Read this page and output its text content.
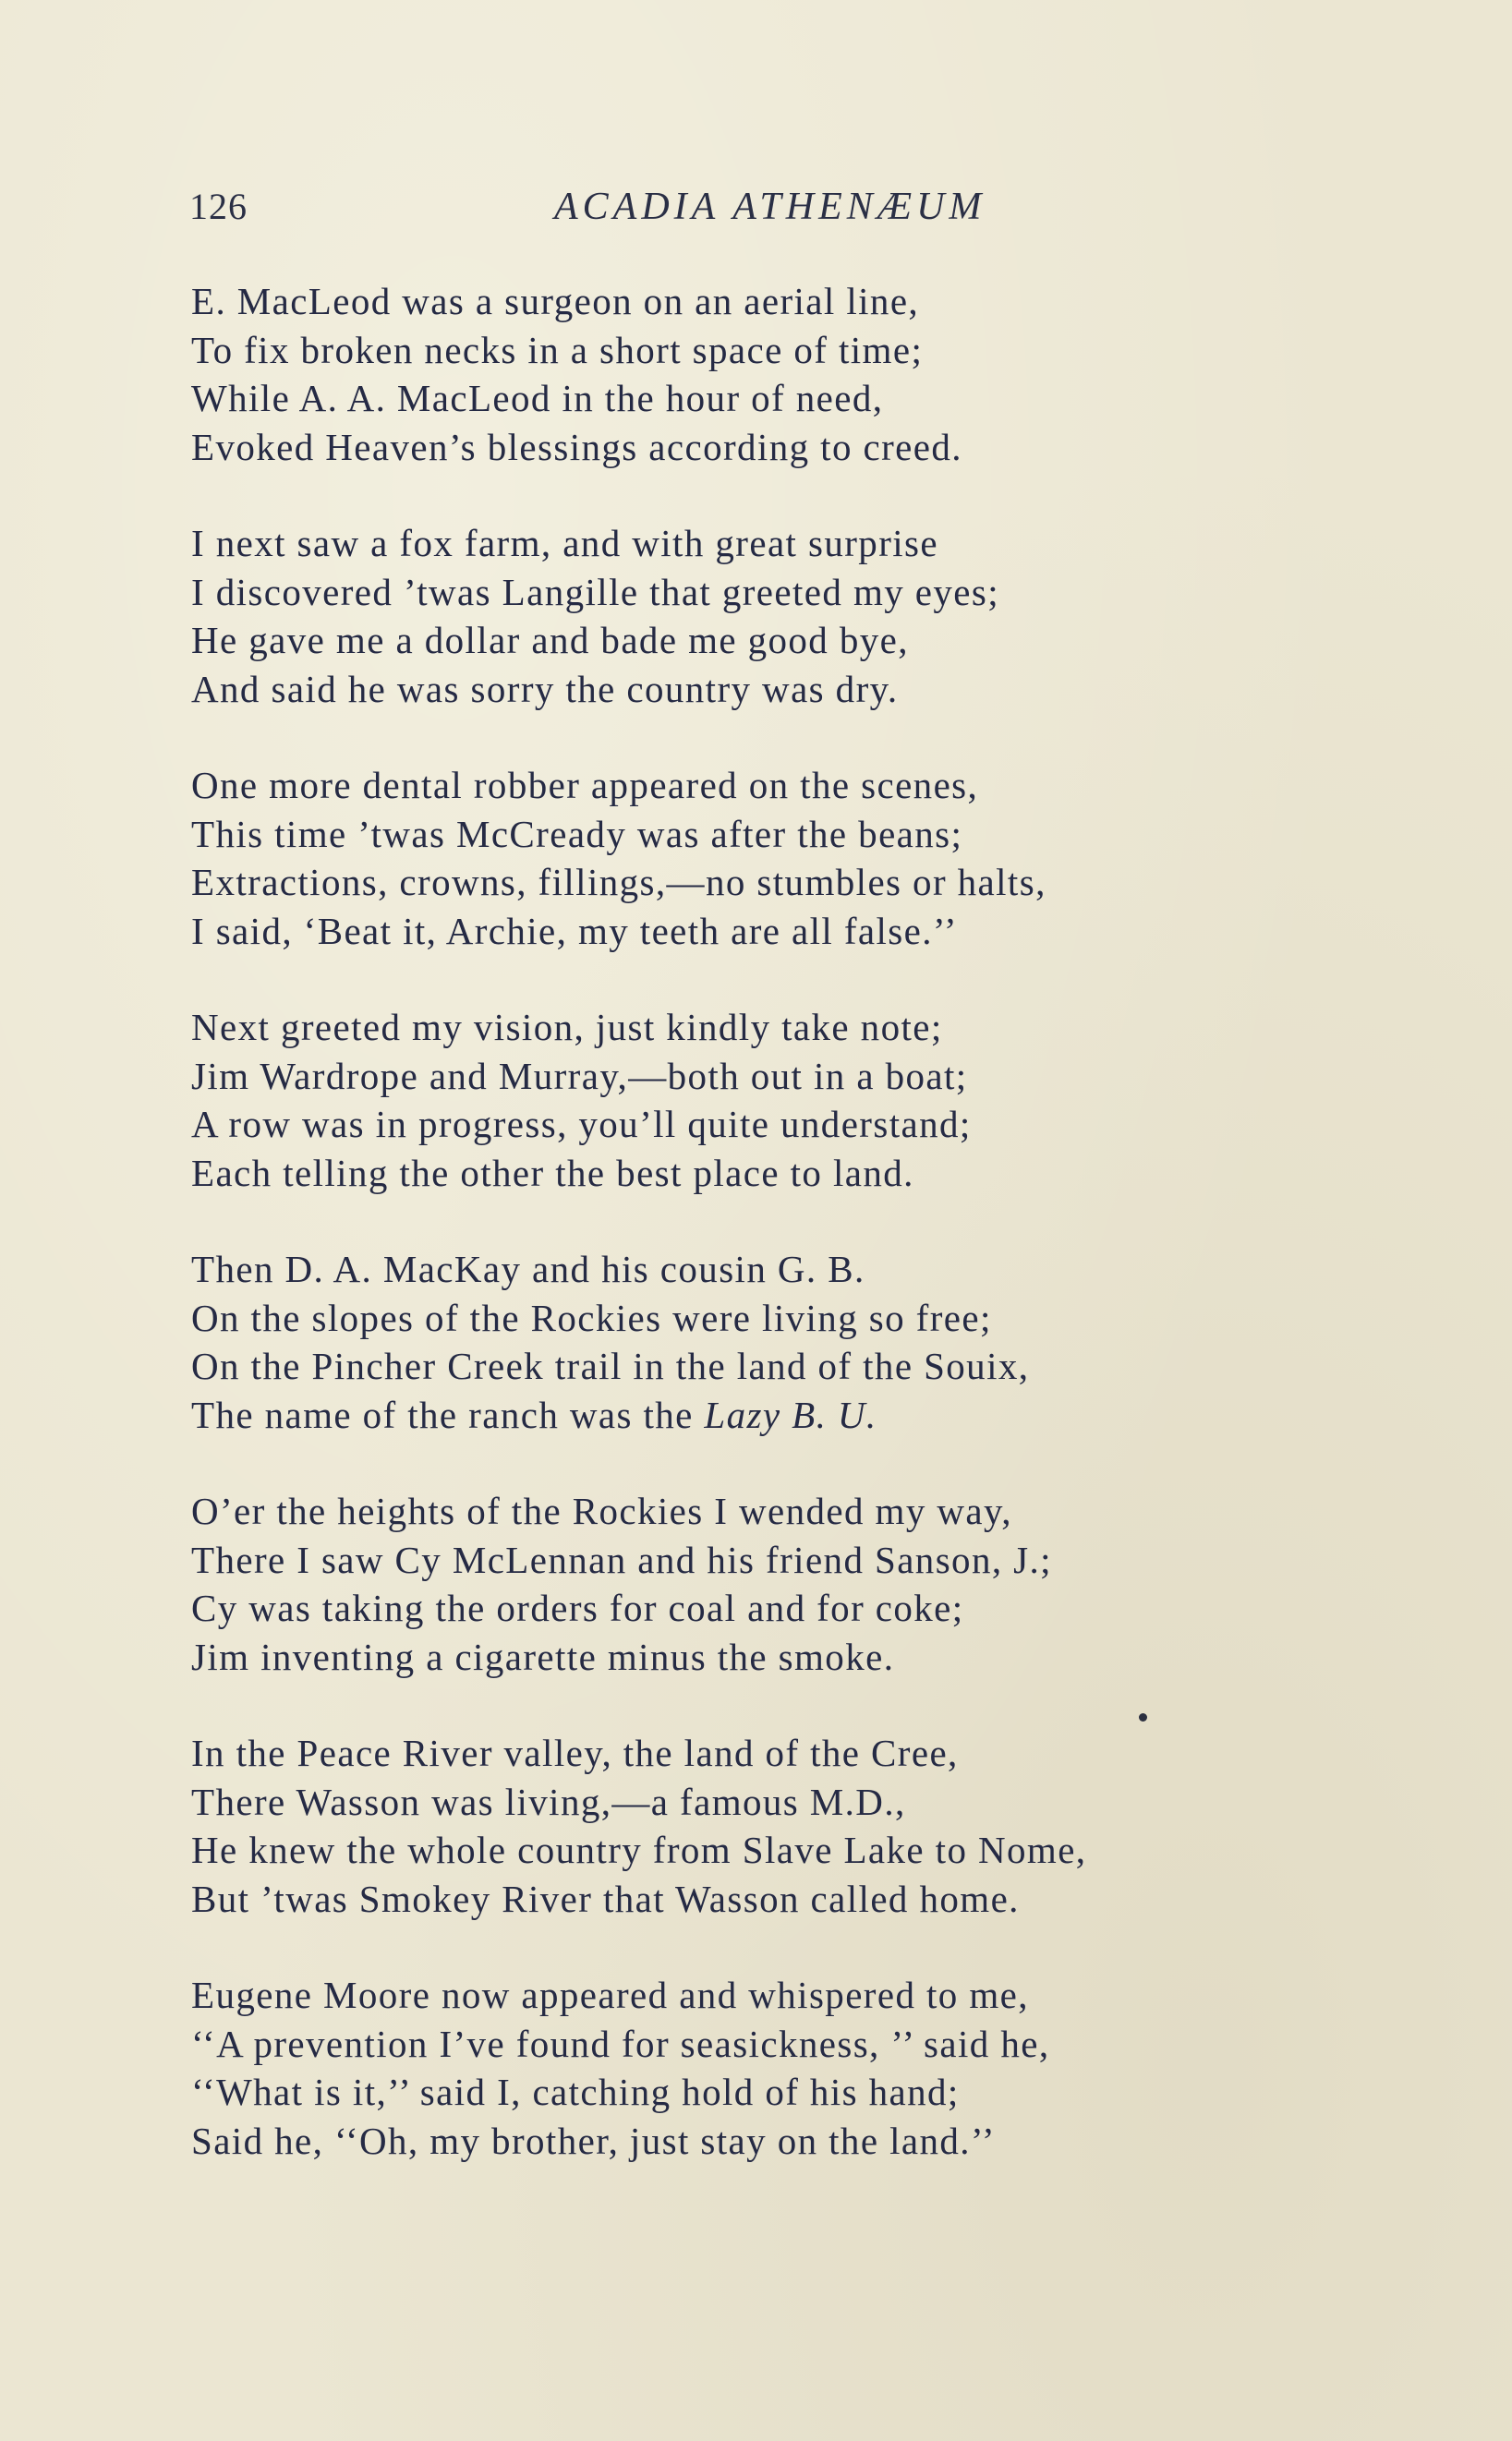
126	ACADIA ATHENÆUM
E. MacLeod was a surgeon on an aerial line,
To fix broken necks in a short space of time;
While A. A. MacLeod in the hour of need,
Evoked Heaven’s blessings according to creed.
I next saw a fox farm, and with great surprise
I discovered ’twas Langille that greeted my eyes;
He gave me a dollar and bade me good bye,
And said he was sorry the country was dry.
One more dental robber appeared on the scenes,
This time ’twas McCready was after the beans;
Extractions, crowns, fillings,—no stumbles or halts,
I said, ‘Beat it, Archie, my teeth are all false.’’
Next greeted my vision, just kindly take note;
Jim Wardrope and Murray,—both out in a boat;
A row was in progress, you’ll quite understand;
Each telling the other the best place to land.
Then D. A. MacKay and his cousin G. B.
On the slopes of the Rockies were living so free;
On the Pincher Creek trail in the land of the Souix,
The name of the ranch was the Lazy B. U.
O’er the heights of the Rockies I wended my way,
There I saw Cy McLennan and his friend Sanson, J.;
Cy was taking the orders for coal and for coke;
Jim inventing a cigarette minus the smoke.
In the Peace River valley, the land of the Cree,
There Wasson was living,—a famous M.D.,
He knew the whole country from Slave Lake to Nome,
But ’twas Smokey River that Wasson called home.
Eugene Moore now appeared and whispered to me,
‘‘A prevention I’ve found for seasickness, ’’ said he,
‘‘What is it,’’ said I, catching hold of his hand;
Said he, ‘‘Oh, my brother, just stay on the land.’’
